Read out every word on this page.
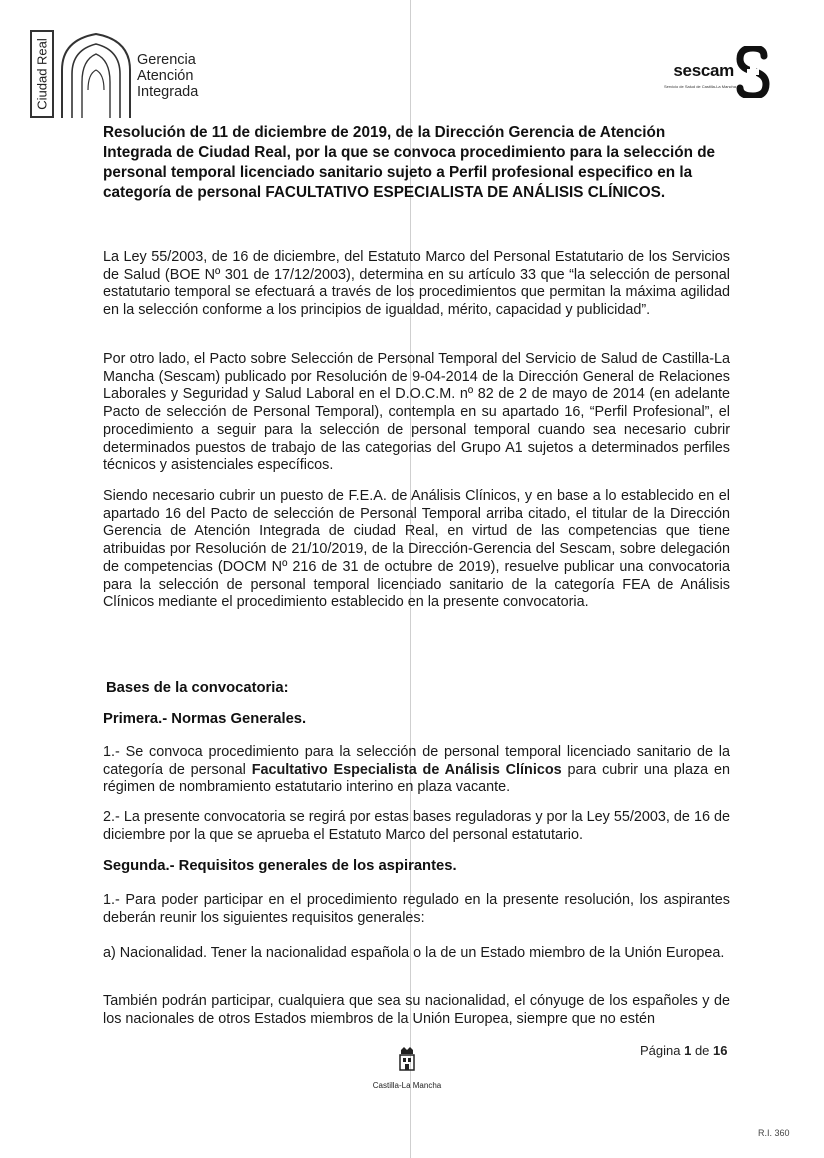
Ciudad Real	Gerencia
Atención
Integrada
sescam
Servicio de Salud de Castilla-La Mancha
Resolución de 11 de diciembre de 2019, de la Dirección Gerencia de Atención
Integrada de Ciudad Real, por la que se convoca procedimiento para la selección de
personal temporal licenciado sanitario sujeto a Perfil profesional especifico en la
categoría de personal FACULTATIVO ESPECIALISTA DE ANÁLISIS CLÍNICOS.
La Ley 55/2003, de 16 de diciembre, del Estatuto Marco del Personal Estatutario de los Servicios de Salud (BOE Nº 301 de 17/12/2003), determina en su artículo 33 que “la selección de personal estatutario temporal se efectuará a través de los procedimientos que permitan la máxima agilidad en la selección conforme a los principios de igualdad, mérito, capacidad y publicidad”.
Por otro lado, el Pacto sobre Selección de Personal Temporal del Servicio de Salud de Castilla-La Mancha (Sescam) publicado por Resolución de 9-04-2014 de la Dirección General de Relaciones Laborales y Seguridad y Salud Laboral en el D.O.C.M. nº 82 de 2 de mayo de 2014 (en adelante Pacto de selección de Personal Temporal), contempla en su apartado 16, “Perfil Profesional”, el procedimiento a seguir para la selección de personal temporal cuando sea necesario cubrir determinados puestos de trabajo de las categorias del Grupo A1 sujetos a determinados perfiles técnicos y asistenciales específicos.
Siendo necesario cubrir un puesto de F.E.A. de Análisis Clínicos, y en base a lo establecido en el apartado 16 del Pacto de selección de Personal Temporal arriba citado, el titular de la Dirección Gerencia de Atención Integrada de ciudad Real, en virtud de las competencias que tiene atribuidas por Resolución de 21/10/2019, de la Dirección-Gerencia del Sescam, sobre delegación de competencias (DOCM Nº 216 de 31 de octubre de 2019), resuelve publicar una convocatoria para la selección de personal temporal licenciado sanitario de la categoría FEA de Análisis Clínicos mediante el procedimiento establecido en la presente convocatoria.
Bases de la convocatoria:
Primera.- Normas Generales.
1.- Se convoca procedimiento para la selección de personal temporal licenciado sanitario de la categoría de personal Facultativo Especialista de Análisis Clínicos para cubrir una plaza en régimen de nombramiento estatutario interino en plaza vacante.
2.- La presente convocatoria se regirá por estas bases reguladoras y por la Ley 55/2003, de 16 de diciembre por la que se aprueba el Estatuto Marco del personal estatutario.
Segunda.- Requisitos generales de los aspirantes.
1.- Para poder participar en el procedimiento regulado en la presente resolución, los aspirantes deberán reunir los siguientes requisitos generales:
a) Nacionalidad. Tener la nacionalidad española o la de un Estado miembro de la Unión Europea.
También podrán participar, cualquiera que sea su nacionalidad, el cónyuge de los españoles y de los nacionales de otros Estados miembros de la Unión Europea, siempre que no estén
Página 1 de 16
Castilla-La Mancha
R.I. 360
